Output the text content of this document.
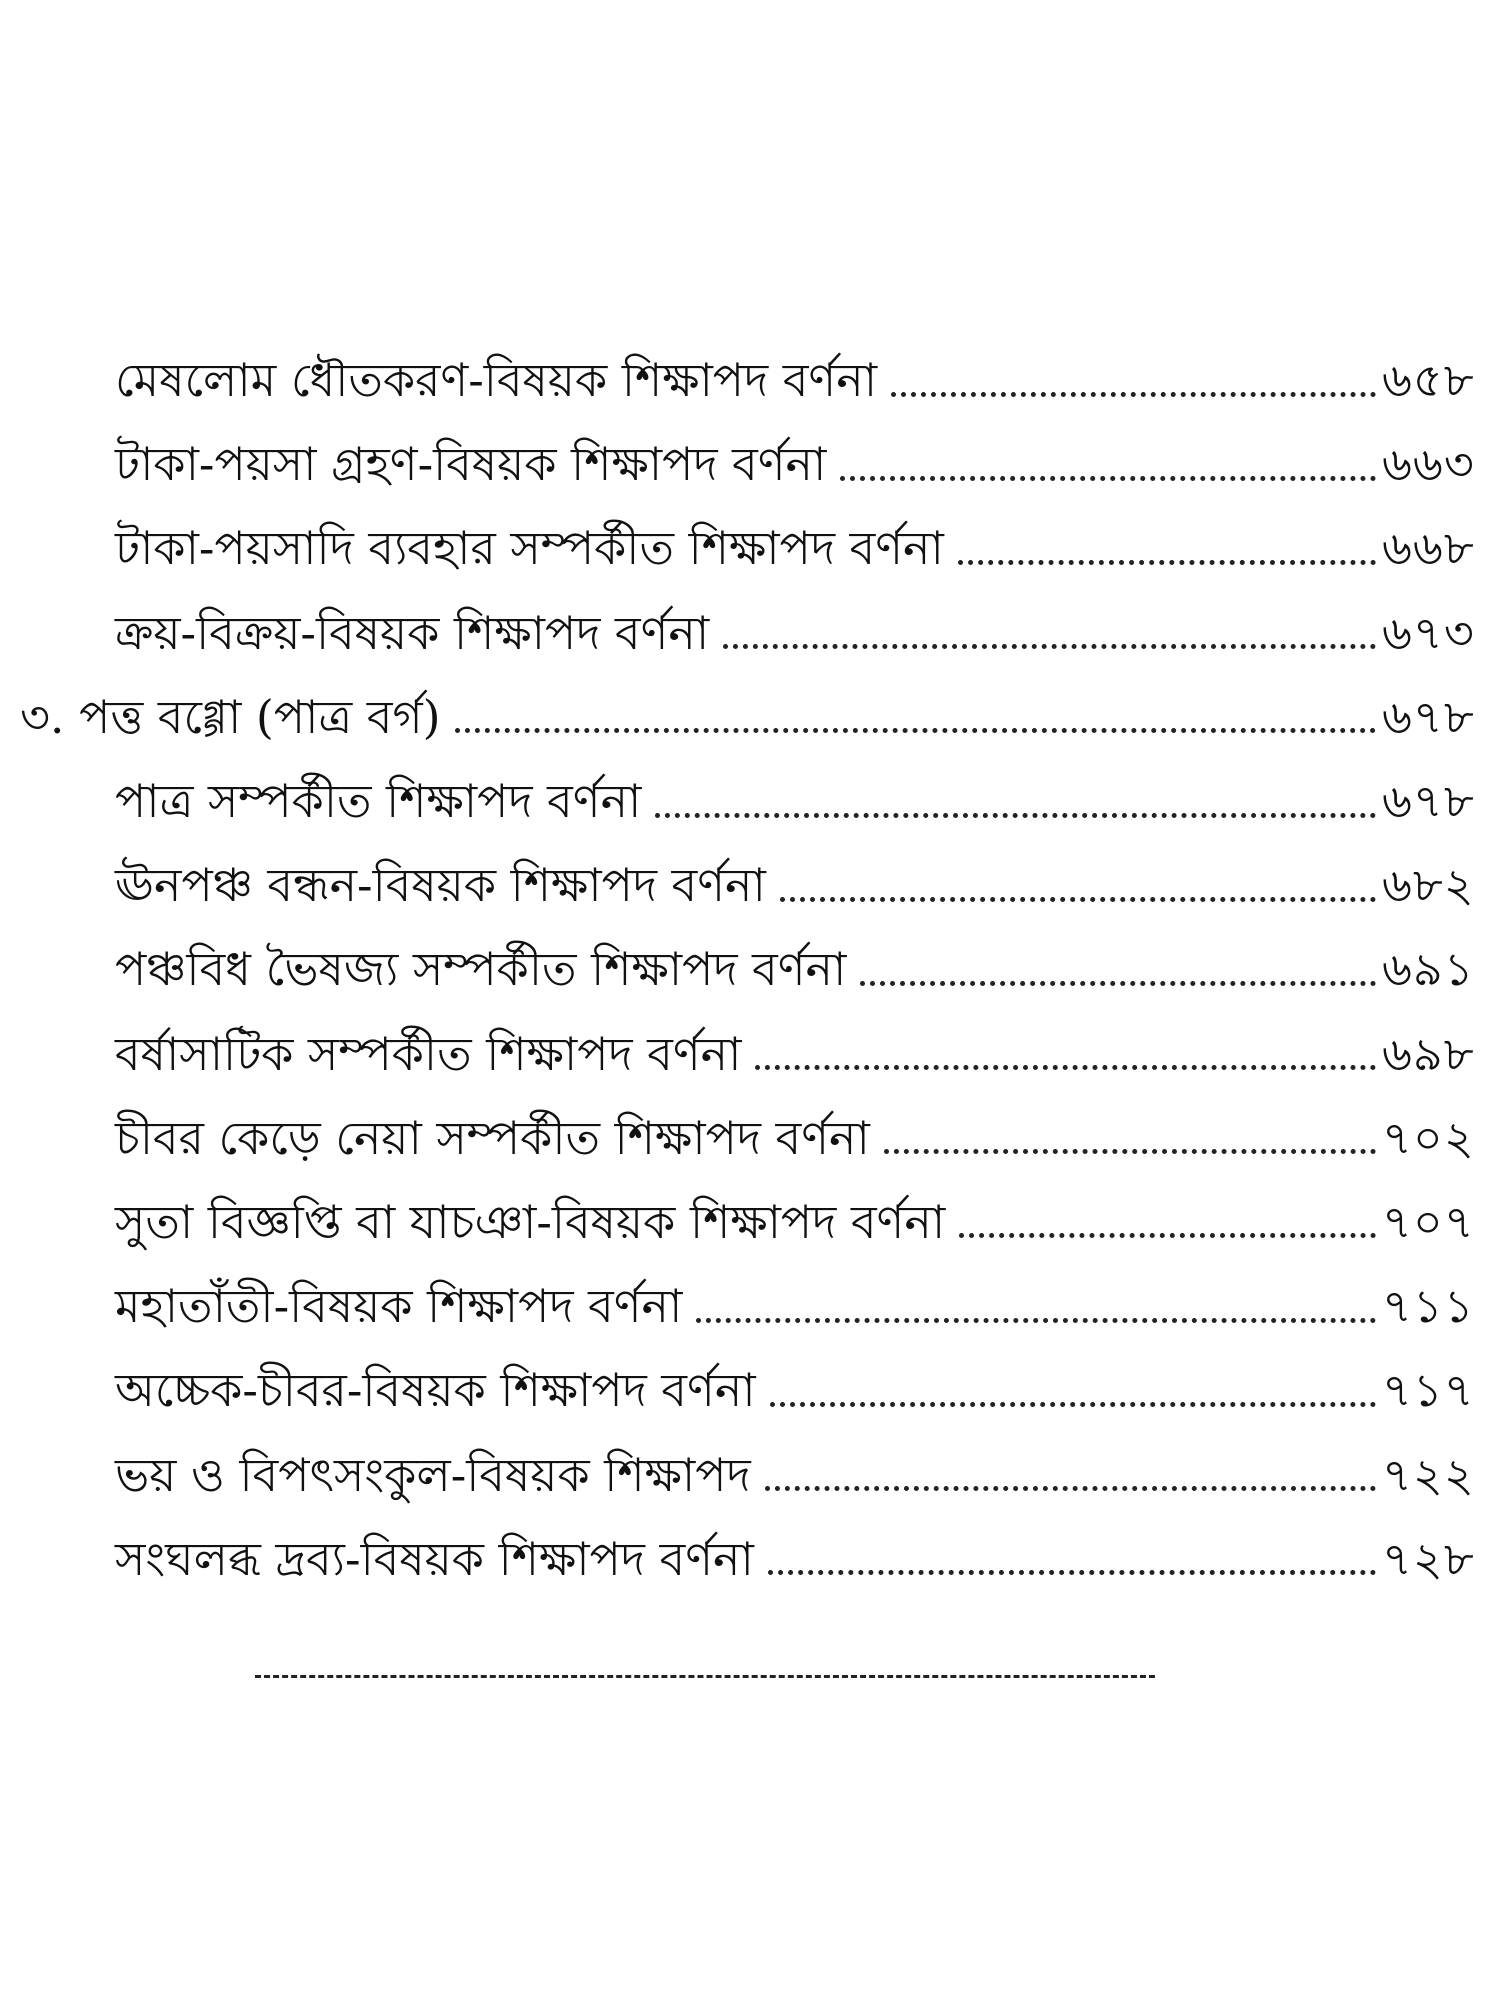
মেষলোম ধৌতকরণ-বিষয়ক শিক্ষাপদ বর্ণনা	৬৫৮
টাকা-পয়সা গ্রহণ-বিষয়ক শিক্ষাপদ বর্ণনা	৬৬৩
টাকা-পয়সাদি ব্যবহার সম্পর্কীত শিক্ষাপদ বর্ণনা	৬৬৮
ক্রয়-বিক্রয়-বিষয়ক শিক্ষাপদ বর্ণনা	৬৭৩
৩. পত্ত বগ্গো (পাত্র বর্গ)	৬৭৮
পাত্র সম্পর্কীত শিক্ষাপদ বর্ণনা	৬৭৮
ঊনপঞ্চ বন্ধন-বিষয়ক শিক্ষাপদ বর্ণনা	৬৮২
পঞ্চবিধ ভৈষজ্য সম্পর্কীত শিক্ষাপদ বর্ণনা	৬৯১
বর্ষাসাটিক সম্পর্কীত শিক্ষাপদ বর্ণনা	৬৯৮
চীবর কেড়ে নেয়া সম্পর্কীত শিক্ষাপদ বর্ণনা	৭০২
সুতা বিজ্ঞপ্তি বা যাচঞা-বিষয়ক শিক্ষাপদ বর্ণনা	৭০৭
মহাতাঁতী-বিষয়ক শিক্ষাপদ বর্ণনা	৭১১
অচ্চেক-চীবর-বিষয়ক শিক্ষাপদ বর্ণনা	৭১৭
ভয় ও বিপৎসংকুল-বিষয়ক শিক্ষাপদ	৭২২
সংঘলব্ধ দ্রব্য-বিষয়ক শিক্ষাপদ বর্ণনা	৭২৮
